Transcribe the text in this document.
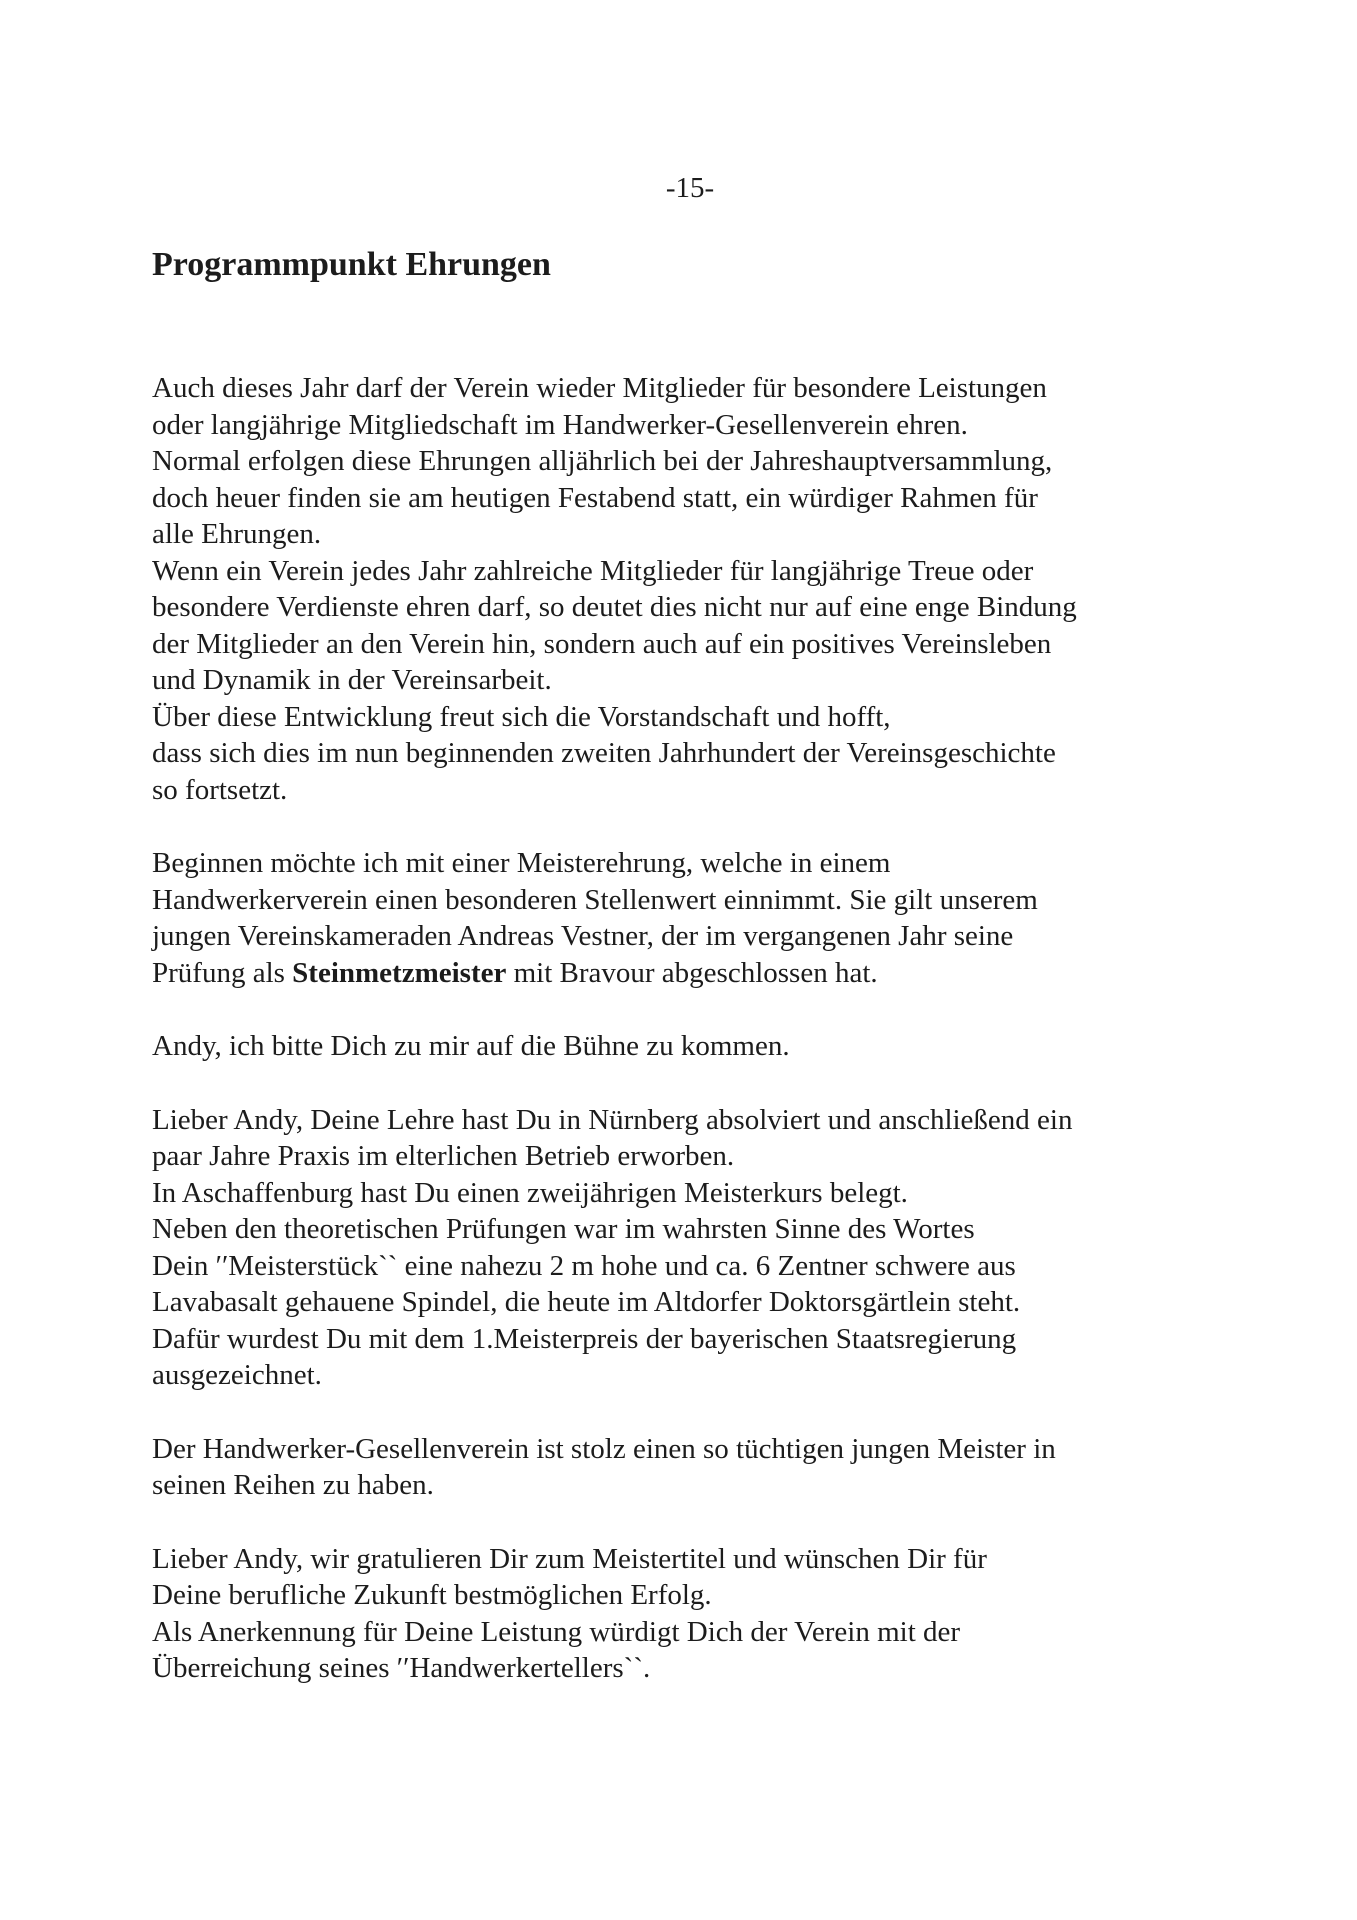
-15-
Programmpunkt Ehrungen

Auch dieses Jahr darf der Verein wieder Mitglieder für besondere Leistungen
oder langjährige Mitgliedschaft im Handwerker-Gesellenverein ehren.
Normal erfolgen diese Ehrungen alljährlich bei der Jahreshauptversammlung,
doch heuer finden sie am heutigen Festabend statt, ein würdiger Rahmen für
alle Ehrungen.
Wenn ein Verein jedes Jahr zahlreiche Mitglieder für langjährige Treue oder
besondere Verdienste ehren darf, so deutet dies nicht nur auf eine enge Bindung
der Mitglieder an den Verein hin, sondern auch auf ein positives Vereinsleben
und Dynamik in der Vereinsarbeit.
Über diese Entwicklung freut sich die Vorstandschaft und hofft,
dass sich dies im nun beginnenden zweiten Jahrhundert der Vereinsgeschichte
so fortsetzt.

Beginnen möchte ich mit einer Meisterehrung, welche in einem
Handwerkerverein einen besonderen Stellenwert einnimmt. Sie gilt unserem
jungen Vereinskameraden Andreas Vestner, der im vergangenen Jahr seine
Prüfung als Steinmetzmeister mit Bravour abgeschlossen hat.

Andy, ich bitte Dich zu mir auf die Bühne zu kommen.

Lieber Andy, Deine Lehre hast Du in Nürnberg absolviert und anschließend ein
paar Jahre Praxis im elterlichen Betrieb erworben.
In Aschaffenburg hast Du einen zweijährigen Meisterkurs belegt.
Neben den theoretischen Prüfungen war im wahrsten Sinne des Wortes
Dein ′′Meisterstück`` eine nahezu 2 m hohe und ca. 6 Zentner schwere aus
Lavabasalt gehauene Spindel, die heute im Altdorfer Doktorsgärtlein steht.
Dafür wurdest Du mit dem 1.Meisterpreis der bayerischen Staatsregierung
ausgezeichnet.

Der Handwerker-Gesellenverein ist stolz einen so tüchtigen jungen Meister in
seinen Reihen zu haben.

Lieber Andy, wir gratulieren Dir zum Meistertitel und wünschen Dir für
Deine berufliche Zukunft bestmöglichen Erfolg.
Als Anerkennung für Deine Leistung würdigt Dich der Verein mit der
Überreichung seines ′′Handwerkertellers``.
